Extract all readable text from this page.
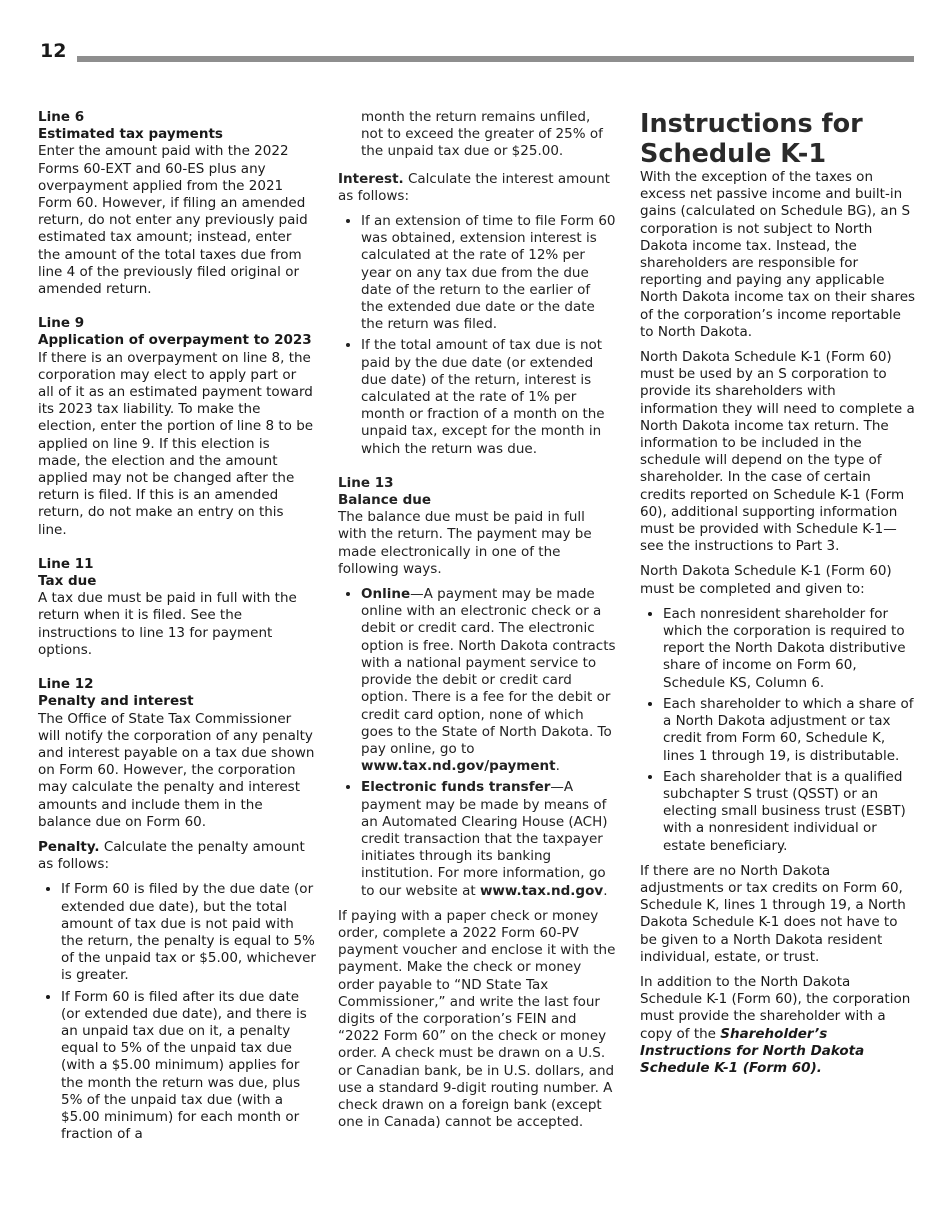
12
Line 6
Estimated tax payments

Enter the amount paid with the 2022 Forms 60-EXT and 60-ES plus any overpayment applied from the 2021 Form 60. However, if filing an amended return, do not enter any previously paid estimated tax amount; instead, enter the amount of the total taxes due from line 4 of the previously filed original or amended return.

Line 9
Application of overpayment to 2023

If there is an overpayment on line 8, the corporation may elect to apply part or all of it as an estimated payment toward its 2023 tax liability. To make the election, enter the portion of line 8 to be applied on line 9. If this election is made, the election and the amount applied may not be changed after the return is filed. If this is an amended return, do not make an entry on this line.

Line 11
Tax due

A tax due must be paid in full with the return when it is filed. See the instructions to line 13 for payment options.

Line 12
Penalty and interest

The Office of State Tax Commissioner will notify the corporation of any penalty and interest payable on a tax due shown on Form 60. However, the corporation may calculate the penalty and interest amounts and include them in the balance due on Form 60.

Penalty. Calculate the penalty amount as follows:

• If Form 60 is filed by the due date (or extended due date), but the total amount of tax due is not paid with the return, the penalty is equal to 5% of the unpaid tax or $5.00, whichever is greater.
• If Form 60 is filed after its due date (or extended due date), and there is an unpaid tax due on it, a penalty equal to 5% of the unpaid tax due (with a $5.00 minimum) applies for the month the return was due, plus 5% of the unpaid tax due (with a $5.00 minimum) for each month or fraction of a

month the return remains unfiled, not to exceed the greater of 25% of the unpaid tax due or $25.00.

Interest. Calculate the interest amount as follows:

• If an extension of time to file Form 60 was obtained, extension interest is calculated at the rate of 12% per year on any tax due from the due date of the return to the earlier of the extended due date or the date the return was filed.
• If the total amount of tax due is not paid by the due date (or extended due date) of the return, interest is calculated at the rate of 1% per month or fraction of a month on the unpaid tax, except for the month in which the return was due.
Line 13
Balance due

The balance due must be paid in full with the return. The payment may be made electronically in one of the following ways.

• Online—A payment may be made online with an electronic check or a debit or credit card. The electronic option is free. North Dakota contracts with a national payment service to provide the debit or credit card option. There is a fee for the debit or credit card option, none of which goes to the State of North Dakota. To pay online, go to www.tax.nd.gov/payment.
• Electronic funds transfer—A payment may be made by means of an Automated Clearing House (ACH) credit transaction that the taxpayer initiates through its banking institution. For more information, go to our website at www.tax.nd.gov.

If paying with a paper check or money order, complete a 2022 Form 60-PV payment voucher and enclose it with the payment. Make the check or money order payable to “ND State Tax Commissioner,” and write the last four digits of the corporation’s FEIN and “2022 Form 60” on the check or money order. A check must be drawn on a U.S. or Canadian bank, be in U.S. dollars, and use a standard 9-digit routing number. A check drawn on a foreign bank (except one in Canada) cannot be accepted.

Instructions for Schedule K-1

With the exception of the taxes on excess net passive income and built-in gains (calculated on Schedule BG), an S corporation is not subject to North Dakota income tax. Instead, the shareholders are responsible for reporting and paying any applicable North Dakota income tax on their shares of the corporation’s income reportable to North Dakota.

North Dakota Schedule K-1 (Form 60) must be used by an S corporation to provide its shareholders with information they will need to complete a North Dakota income tax return. The information to be included in the schedule will depend on the type of shareholder. In the case of certain credits reported on Schedule K-1 (Form 60), additional supporting information must be provided with Schedule K-1—see the instructions to Part 3.

North Dakota Schedule K-1 (Form 60) must be completed and given to:

• Each nonresident shareholder for which the corporation is required to report the North Dakota distributive share of income on Form 60, Schedule KS, Column 6.
• Each shareholder to which a share of a North Dakota adjustment or tax credit from Form 60, Schedule K, lines 1 through 19, is distributable.
• Each shareholder that is a qualified subchapter S trust (QSST) or an electing small business trust (ESBT) with a nonresident individual or estate beneficiary.

If there are no North Dakota adjustments or tax credits on Form 60, Schedule K, lines 1 through 19, a North Dakota Schedule K-1 does not have to be given to a North Dakota resident individual, estate, or trust.

In addition to the North Dakota Schedule K-1 (Form 60), the corporation must provide the shareholder with a copy of the Shareholder’s Instructions for North Dakota Schedule K-1 (Form 60).
